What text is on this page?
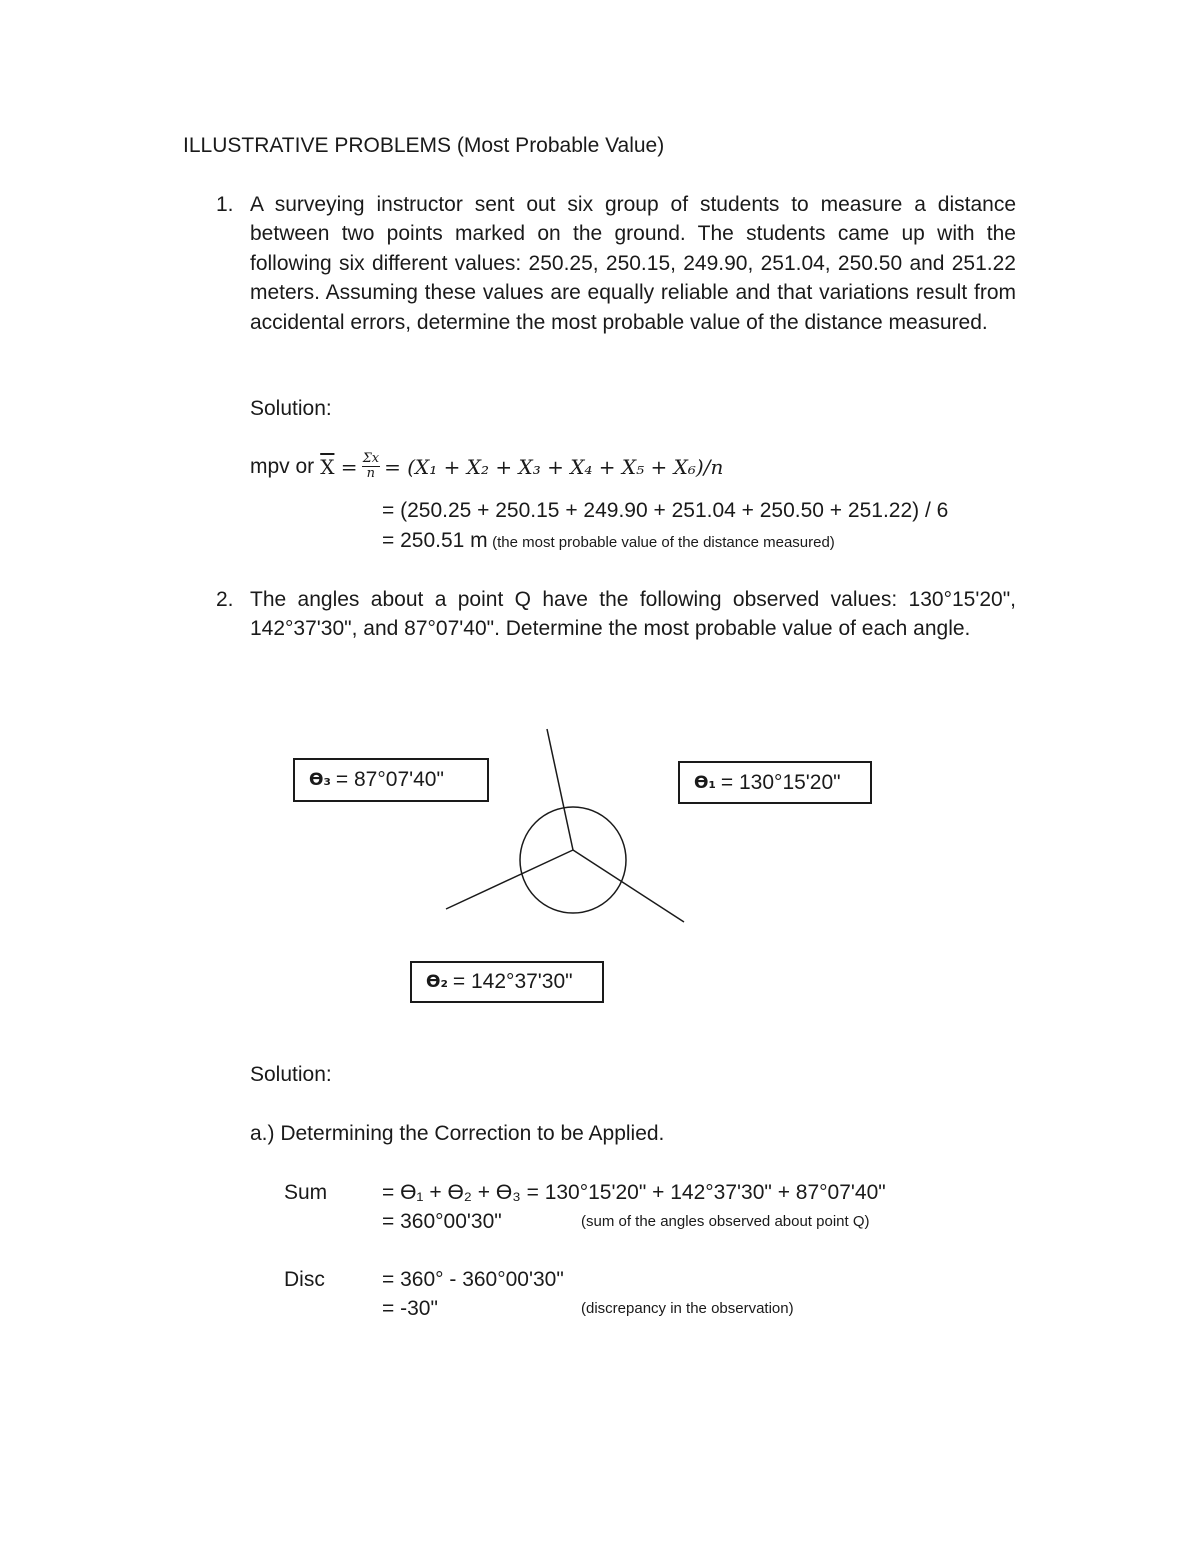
ILLUSTRATIVE PROBLEMS (Most Probable Value)
1. A surveying instructor sent out six group of students to measure a distance between two points marked on the ground. The students came up with the following six different values: 250.25, 250.15, 249.90, 251.04, 250.50 and 251.22 meters. Assuming these values are equally reliable and that variations result from accidental errors, determine the most probable value of the distance measured.
Solution:
mpv or $\overline{X} = \frac{\Sigma x}{n} = (X_1 + X_2 + X_3 + X_4 + X_5 + X_6)/n$
= (250.25 + 250.15 + 249.90 + 251.04 + 250.50 + 251.22) / 6
= 250.51 m (the most probable value of the distance measured)
2. The angles about a point Q have the following observed values: 130°15'20", 142°37'30", and 87°07'40". Determine the most probable value of each angle.
ϴ₃ = 87°07'40"	ϴ₁ = 130°15'20"
ϴ₂ = 142°37'30"
Solution:
a.) Determining the Correction to be Applied.
Sum	= ϴ₁ + ϴ₂ + ϴ₃ = 130°15'20" + 142°37'30" + 87°07'40"
= 360°00'30"	(sum of the angles observed about point Q)
Disc	= 360° - 360°00'30"
= -30"	(discrepancy in the observation)
